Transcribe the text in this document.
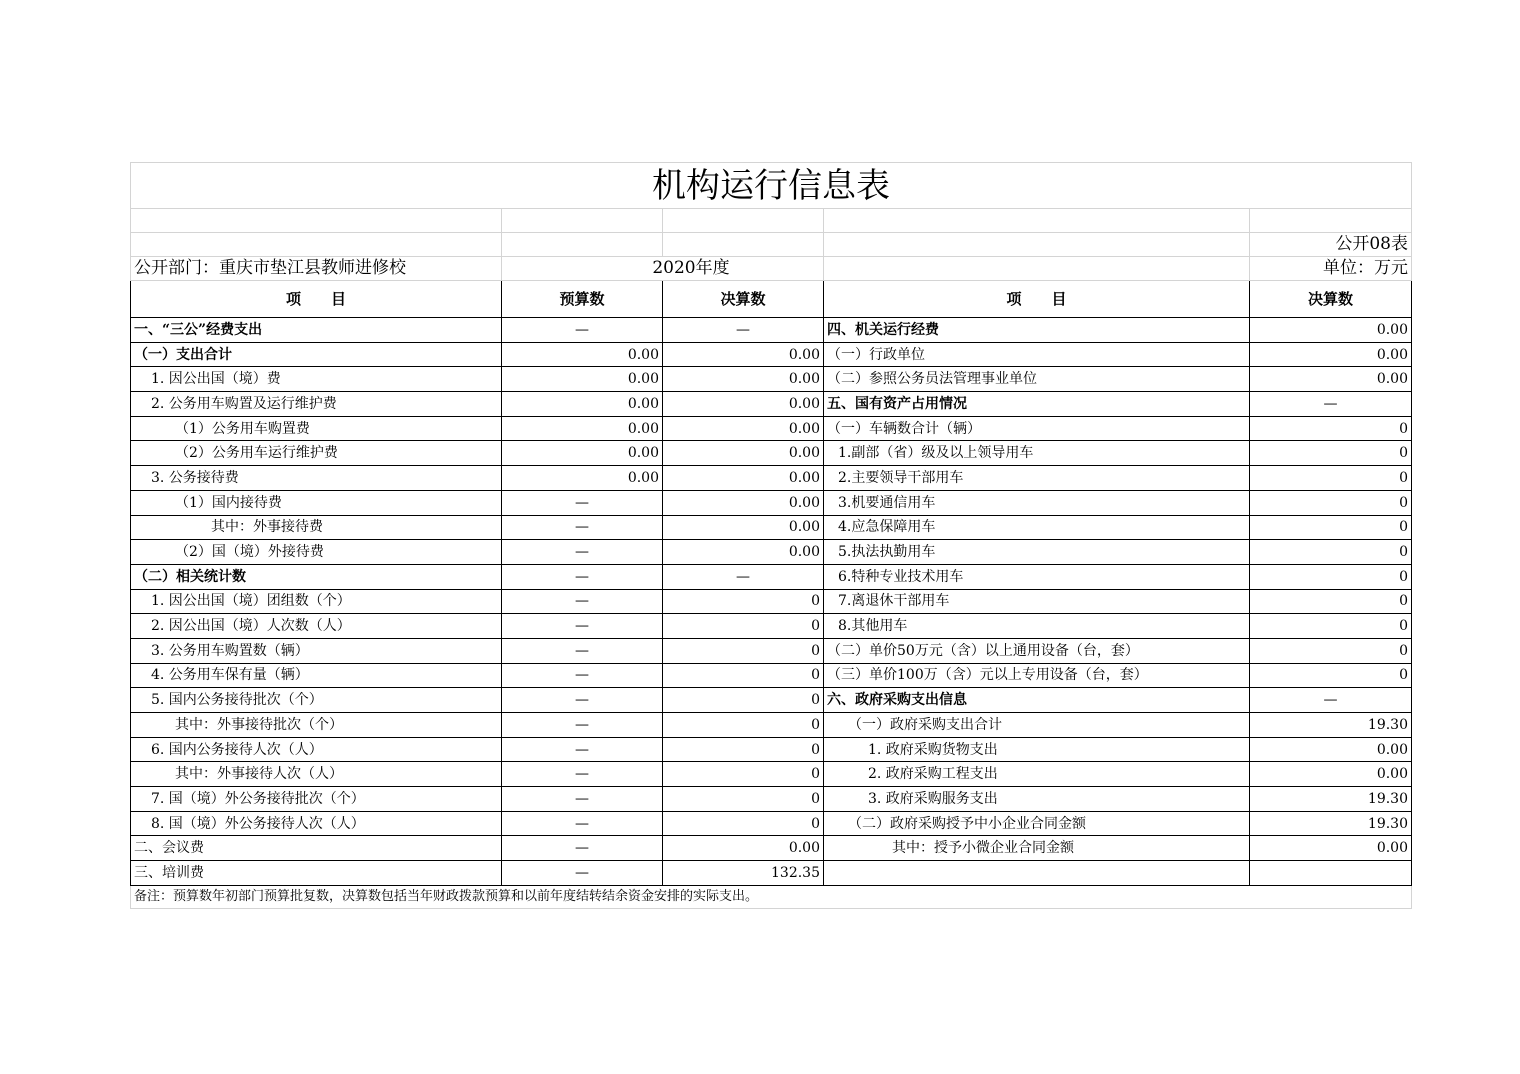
机构运行信息表				

				公开08表
公开部门：重庆市垫江县教师进修校	2020年度			单位：万元
项　　目	预算数	决算数	项　　目	决算数
一、“三公”经费支出	—	—	四、机关运行经费	0.00
（一）支出合计	0.00	0.00	（一）行政单位	0.00
1. 因公出国（境）费	0.00	0.00	（二）参照公务员法管理事业单位	0.00
2. 公务用车购置及运行维护费	0.00	0.00	五、国有资产占用情况	—
（1）公务用车购置费	0.00	0.00	（一）车辆数合计（辆）	0
（2）公务用车运行维护费	0.00	0.00	1.副部（省）级及以上领导用车	0
3. 公务接待费	0.00	0.00	2.主要领导干部用车	0
（1）国内接待费	—	0.00	3.机要通信用车	0
其中：外事接待费	—	0.00	4.应急保障用车	0
（2）国（境）外接待费	—	0.00	5.执法执勤用车	0
（二）相关统计数	—	—	6.特种专业技术用车	0
1. 因公出国（境）团组数（个）	—	0	7.离退休干部用车	0
2. 因公出国（境）人次数（人）	—	0	8.其他用车	0
3. 公务用车购置数（辆）	—	0	（二）单价50万元（含）以上通用设备（台，套）	0
4. 公务用车保有量（辆）	—	0	（三）单价100万（含）元以上专用设备（台，套）	0
5. 国内公务接待批次（个）	—	0	六、政府采购支出信息	—
其中：外事接待批次（个）	—	0	（一）政府采购支出合计	19.30
6. 国内公务接待人次（人）	—	0	1. 政府采购货物支出	0.00
其中：外事接待人次（人）	—	0	2. 政府采购工程支出	0.00
7. 国（境）外公务接待批次（个）	—	0	3. 政府采购服务支出	19.30
8. 国（境）外公务接待人次（人）	—	0	（二）政府采购授予中小企业合同金额	19.30
二、会议费	—	0.00	其中：授予小微企业合同金额	0.00
三、培训费	—	132.35		
备注：预算数年初部门预算批复数，决算数包括当年财政拨款预算和以前年度结转结余资金安排的实际支出。				
